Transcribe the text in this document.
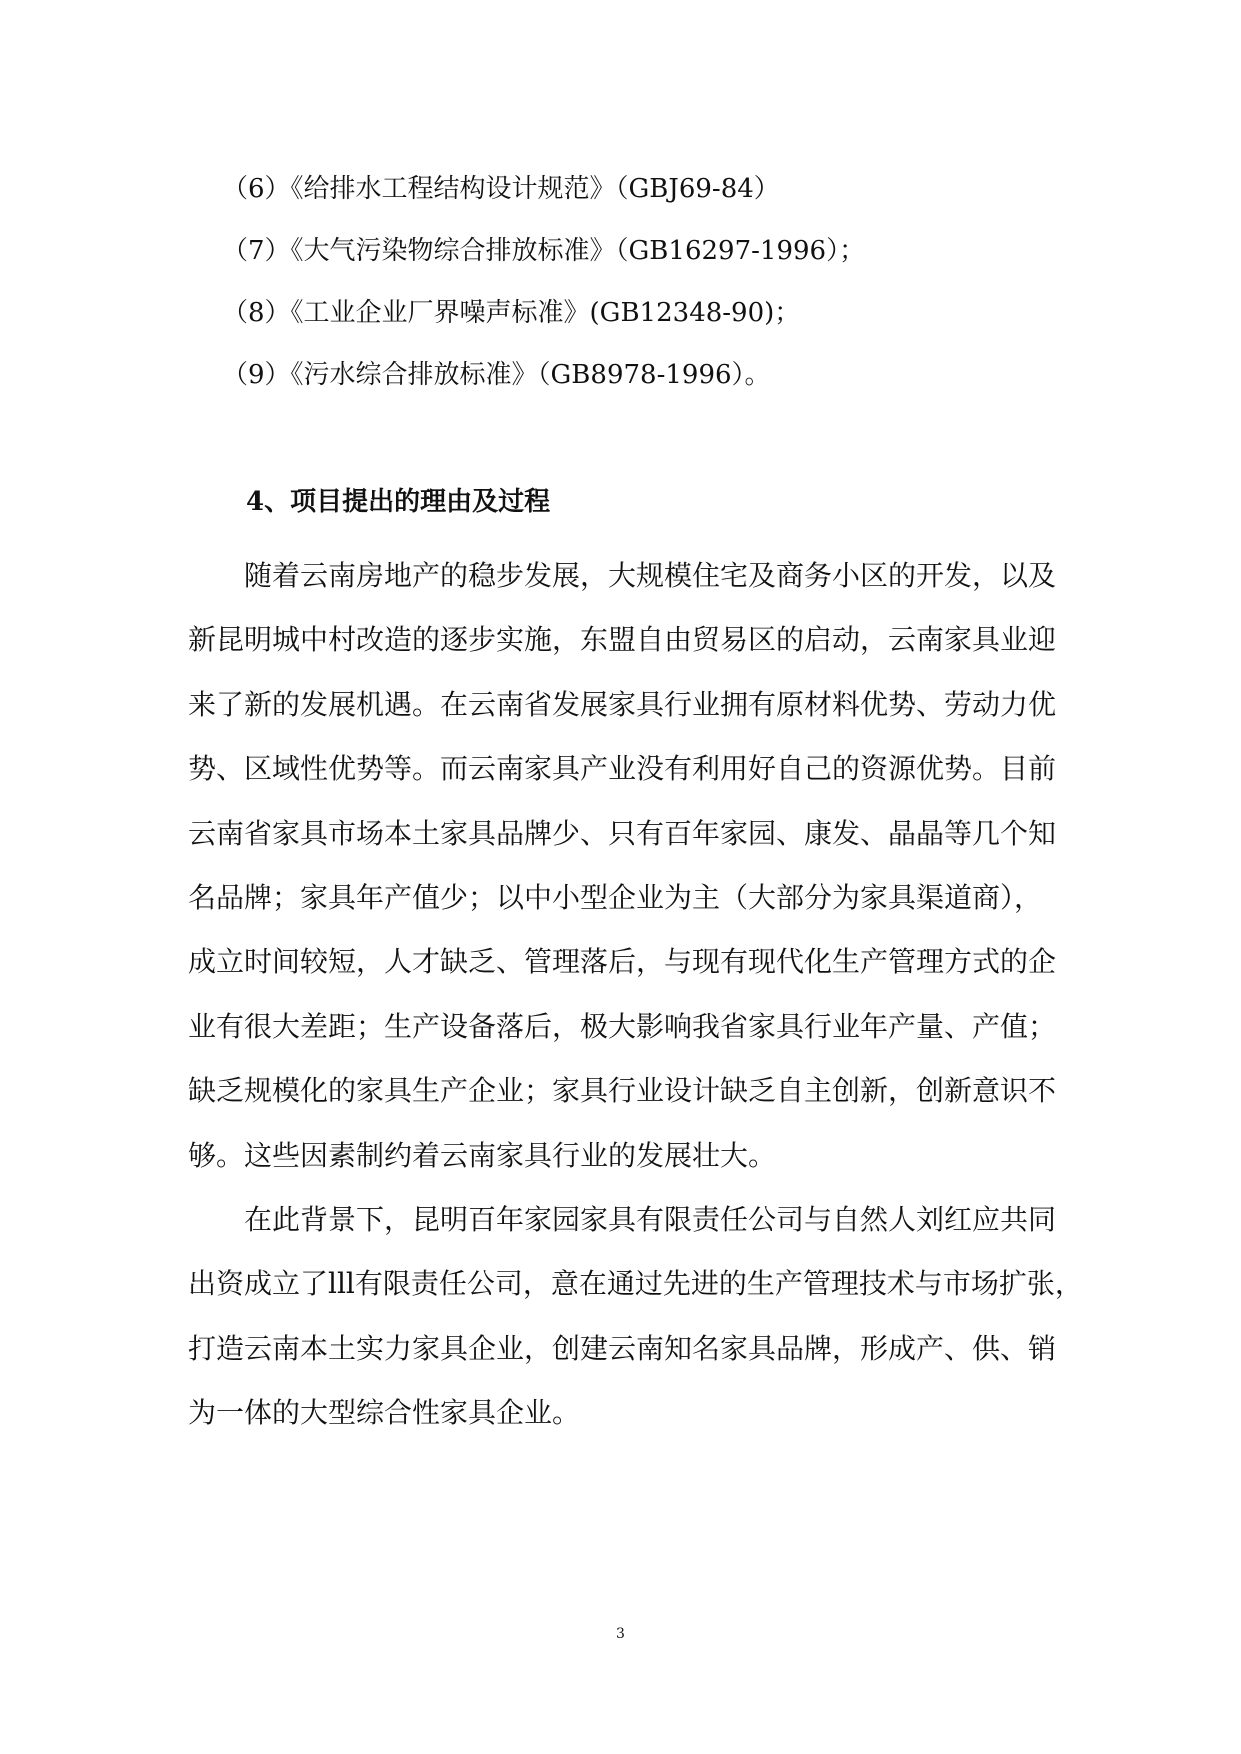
（6）《给排水工程结构设计规范》（GBJ69-84）
（7）《大气污染物综合排放标准》（GB16297-1996）；
（8）《工业企业厂界噪声标准》(GB12348-90)；
（9）《污水综合排放标准》（GB8978-1996）。
4、项目提出的理由及过程
随着云南房地产的稳步发展，大规模住宅及商务小区的开发，以及
新昆明城中村改造的逐步实施，东盟自由贸易区的启动，云南家具业迎
来了新的发展机遇。在云南省发展家具行业拥有原材料优势、劳动力优
势、区域性优势等。而云南家具产业没有利用好自己的资源优势。目前
云南省家具市场本土家具品牌少、只有百年家园、康发、晶晶等几个知
名品牌；家具年产值少；以中小型企业为主（大部分为家具渠道商），
成立时间较短，人才缺乏、管理落后，与现有现代化生产管理方式的企
业有很大差距；生产设备落后，极大影响我省家具行业年产量、产值；
缺乏规模化的家具生产企业；家具行业设计缺乏自主创新，创新意识不
够。这些因素制约着云南家具行业的发展壮大。
在此背景下，昆明百年家园家具有限责任公司与自然人刘红应共同
出资成立了lll有限责任公司，意在通过先进的生产管理技术与市场扩张，
打造云南本土实力家具企业，创建云南知名家具品牌，形成产、供、销
为一体的大型综合性家具企业。
3
